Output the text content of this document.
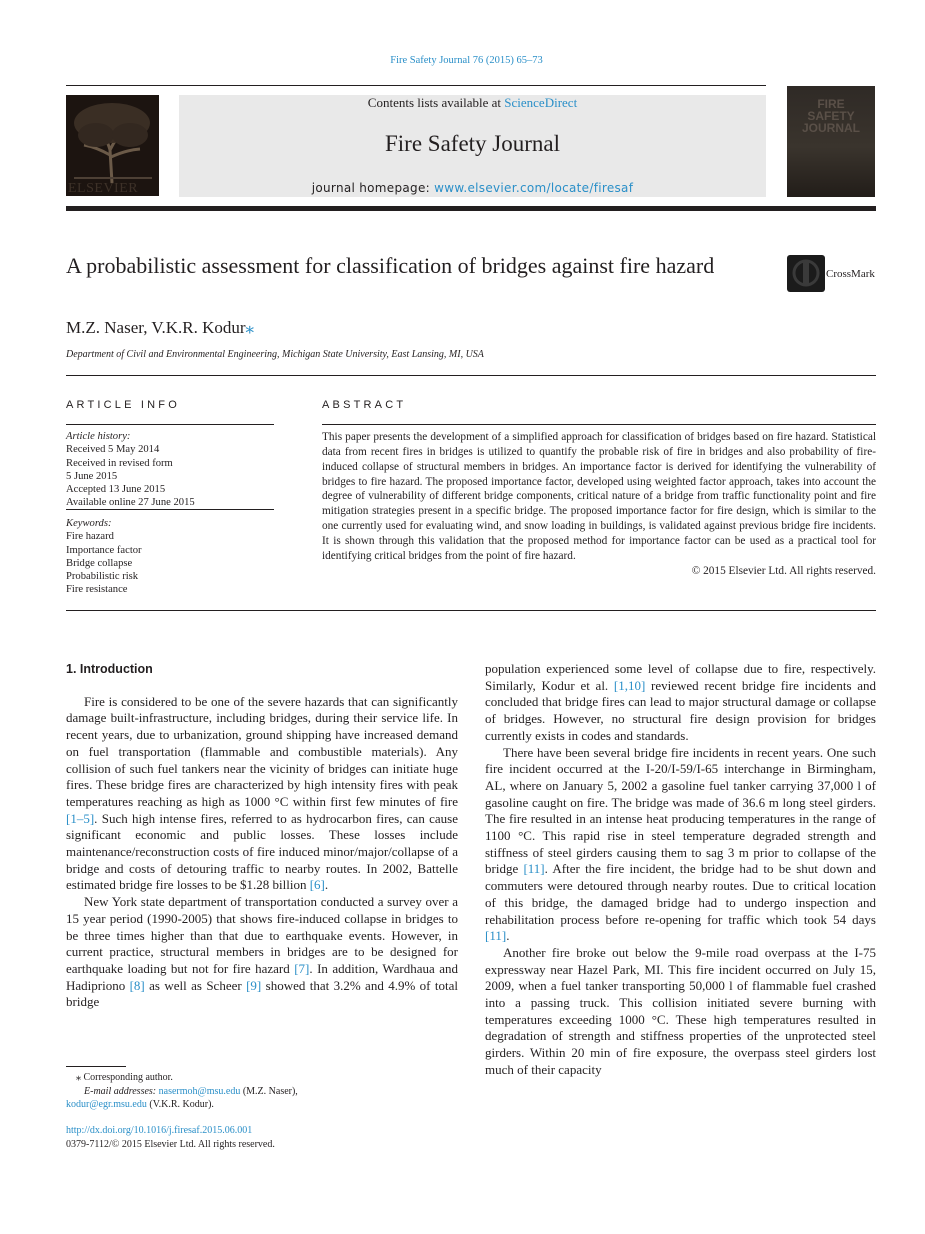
Fire Safety Journal 76 (2015) 65–73
ELSEVIER
Contents lists available at ScienceDirect
Fire Safety Journal
journal homepage: www.elsevier.com/locate/firesaf
FIRE
SAFETY
JOURNAL
A probabilistic assessment for classification of bridges against fire hazard	CrossMark
M.Z. Naser, V.K.R. Kodur⁎
Department of Civil and Environmental Engineering, Michigan State University, East Lansing, MI, USA
ARTICLE INFO
Article history:
Received 5 May 2014
Received in revised form
5 June 2015
Accepted 13 June 2015
Available online 27 June 2015
Keywords:
Fire hazard
Importance factor
Bridge collapse
Probabilistic risk
Fire resistance
ABSTRACT
This paper presents the development of a simplified approach for classification of bridges based on fire hazard. Statistical data from recent fires in bridges is utilized to quantify the probable risk of fire in bridges and also probability of fire-induced collapse of structural members in bridges. An importance factor is derived for identifying the vulnerability of bridges to fire hazard. The proposed importance factor, developed using weighted factor approach, takes into account the degree of vulnerability of different bridge components, critical nature of a bridge from traffic functionality point and fire mitigation strategies present in a specific bridge. The proposed importance factor for fire design, which is similar to the one currently used for evaluating wind, and snow loading in buildings, is validated against previous bridge fire incidents. It is shown through this validation that the proposed method for importance factor can be used as a practical tool for identifying critical bridges from the point of fire hazard.
© 2015 Elsevier Ltd. All rights reserved.

1. Introduction

Fire is considered to be one of the severe hazards that can significantly damage built-infrastructure, including bridges, during their service life. In recent years, due to urbanization, ground shipping have increased demand on fuel transportation (flammable and combustible materials). Any collision of such fuel tankers near the vicinity of bridges can initiate huge fires. These bridge fires are characterized by high intensity fires with peak temperatures reaching as high as 1000 °C within first few minutes of fire [1–5]. Such high intense fires, referred to as hydrocarbon fires, can cause significant economic and public losses. These losses include maintenance/reconstruction costs of fire induced minor/major/collapse of a bridge and costs of detouring traffic to nearby routes. In 2002, Battelle estimated bridge fire losses to be $1.28 billion [6].

New York state department of transportation conducted a survey over a 15 year period (1990-2005) that shows fire-induced collapse in bridges to be three times higher than that due to earthquake events. However, in current practice, structural members in bridges are to be designed for earthquake loading but not for fire hazard [7]. In addition, Wardhaua and Hadipriono [8] as well as Scheer [9] showed that 3.2% and 4.9% of total bridge

population experienced some level of collapse due to fire, respectively. Similarly, Kodur et al. [1,10] reviewed recent bridge fire incidents and concluded that bridge fires can lead to major structural damage or collapse of bridges. However, no structural fire design provision for bridges currently exists in codes and standards.

There have been several bridge fire incidents in recent years. One such fire incident occurred at the I-20/I-59/I-65 interchange in Birmingham, AL, where on January 5, 2002 a gasoline fuel tanker carrying 37,000 l of gasoline caught on fire. The bridge was made of 36.6 m long steel girders. The fire resulted in an intense heat producing temperatures in the range of 1100 °C. This rapid rise in steel temperature degraded strength and stiffness of steel girders causing them to sag 3 m prior to collapse of the bridge [11]. After the fire incident, the bridge had to be shut down and commuters were detoured through nearby routes. Due to critical location of this bridge, the damaged bridge had to undergo inspection and rehabilitation process before re-opening for traffic which took 54 days [11].

Another fire broke out below the 9-mile road overpass at the I-75 expressway near Hazel Park, MI. This fire incident occurred on July 15, 2009, when a fuel tanker transporting 50,000 l of flammable fuel crashed into a passing truck. This collision initiated severe burning with temperatures exceeding 1000 °C. These high temperatures resulted in degradation of strength and stiffness properties of the unprotected steel girders. Within 20 min of fire exposure, the overpass steel girders lost much of their capacity

⁎ Corresponding author.
E-mail addresses: nasermoh@msu.edu (M.Z. Naser),
kodur@egr.msu.edu (V.K.R. Kodur).
http://dx.doi.org/10.1016/j.firesaf.2015.06.001
0379-7112/© 2015 Elsevier Ltd. All rights reserved.
